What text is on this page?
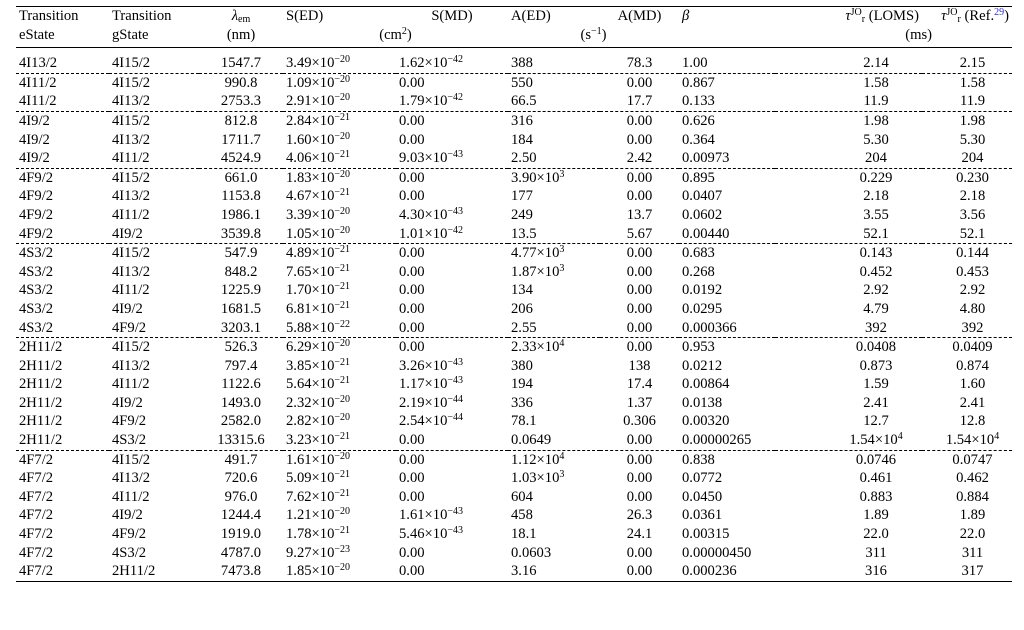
Transition	Transition	$\lambda_{em}$	S(ED)	S(MD)	A(ED)	A(MD)	β	$\tau^{JO}_r$ (LOMS)	$\tau^{JO}_r$ (Ref.$^{29}$)
eState	gState	(nm)	$(cm^2)$		$(s^{-1})$			(ms)	
4I13/2	4I15/2	1547.7	$3.49\times 10^{-20}$	$1.62\times 10^{-42}$	388	78.3	1.00	2.14	2.15
4I11/2	4I15/2	990.8	$1.09\times 10^{-20}$	0.00	550	0.00	0.867	1.58	1.58
4I11/2	4I13/2	2753.3	$2.91\times 10^{-20}$	$1.79\times 10^{-42}$	66.5	17.7	0.133	11.9	11.9
4I9/2	4I15/2	812.8	$2.84\times 10^{-21}$	0.00	316	0.00	0.626	1.98	1.98
4I9/2	4I13/2	1711.7	$1.60\times 10^{-20}$	0.00	184	0.00	0.364	5.30	5.30
4I9/2	4I11/2	4524.9	$4.06\times 10^{-21}$	$9.03\times 10^{-43}$	2.50	2.42	0.00973	204	204
4F9/2	4I15/2	661.0	$1.83\times 10^{-20}$	0.00	$3.90\times 10^3$	0.00	0.895	0.229	0.230
4F9/2	4I13/2	1153.8	$4.67\times 10^{-21}$	0.00	177	0.00	0.0407	2.18	2.18
4F9/2	4I11/2	1986.1	$3.39\times 10^{-20}$	$4.30\times 10^{-43}$	249	13.7	0.0602	3.55	3.56
4F9/2	4I9/2	3539.8	$1.05\times 10^{-20}$	$1.01\times 10^{-42}$	13.5	5.67	0.00440	52.1	52.1
4S3/2	4I15/2	547.9	$4.89\times 10^{-21}$	0.00	$4.77\times 10^3$	0.00	0.683	0.143	0.144
4S3/2	4I13/2	848.2	$7.65\times 10^{-21}$	0.00	$1.87\times 10^3$	0.00	0.268	0.452	0.453
4S3/2	4I11/2	1225.9	$1.70\times 10^{-21}$	0.00	134	0.00	0.0192	2.92	2.92
4S3/2	4I9/2	1681.5	$6.81\times 10^{-21}$	0.00	206	0.00	0.0295	4.79	4.80
4S3/2	4F9/2	3203.1	$5.88\times 10^{-22}$	0.00	2.55	0.00	0.000366	392	392
2H11/2	4I15/2	526.3	$6.29\times 10^{-20}$	0.00	$2.33\times 10^4$	0.00	0.953	0.0408	0.0409
2H11/2	4I13/2	797.4	$3.85\times 10^{-21}$	$3.26\times 10^{-43}$	380	138	0.0212	0.873	0.874
2H11/2	4I11/2	1122.6	$5.64\times 10^{-21}$	$1.17\times 10^{-43}$	194	17.4	0.00864	1.59	1.60
2H11/2	4I9/2	1493.0	$2.32\times 10^{-20}$	$2.19\times 10^{-44}$	336	1.37	0.0138	2.41	2.41
2H11/2	4F9/2	2582.0	$2.82\times 10^{-20}$	$2.54\times 10^{-44}$	78.1	0.306	0.00320	12.7	12.8
2H11/2	4S3/2	13315.6	$3.23\times 10^{-21}$	0.00	0.0649	0.00	0.00000265	$1.54\times 10^4$	$1.54\times 10^4$
4F7/2	4I15/2	491.7	$1.61\times 10^{-20}$	0.00	$1.12\times 10^4$	0.00	0.838	0.0746	0.0747
4F7/2	4I13/2	720.6	$5.09\times 10^{-21}$	0.00	$1.03\times 10^3$	0.00	0.0772	0.461	0.462
4F7/2	4I11/2	976.0	$7.62\times 10^{-21}$	0.00	604	0.00	0.0450	0.883	0.884
4F7/2	4I9/2	1244.4	$1.21\times 10^{-20}$	$1.61\times 10^{-43}$	458	26.3	0.0361	1.89	1.89
4F7/2	4F9/2	1919.0	$1.78\times 10^{-21}$	$5.46\times 10^{-43}$	18.1	24.1	0.00315	22.0	22.0
4F7/2	4S3/2	4787.0	$9.27\times 10^{-23}$	0.00	0.0603	0.00	0.00000450	311	311
4F7/2	2H11/2	7473.8	$1.85\times 10^{-20}$	0.00	3.16	0.00	0.000236	316	317
